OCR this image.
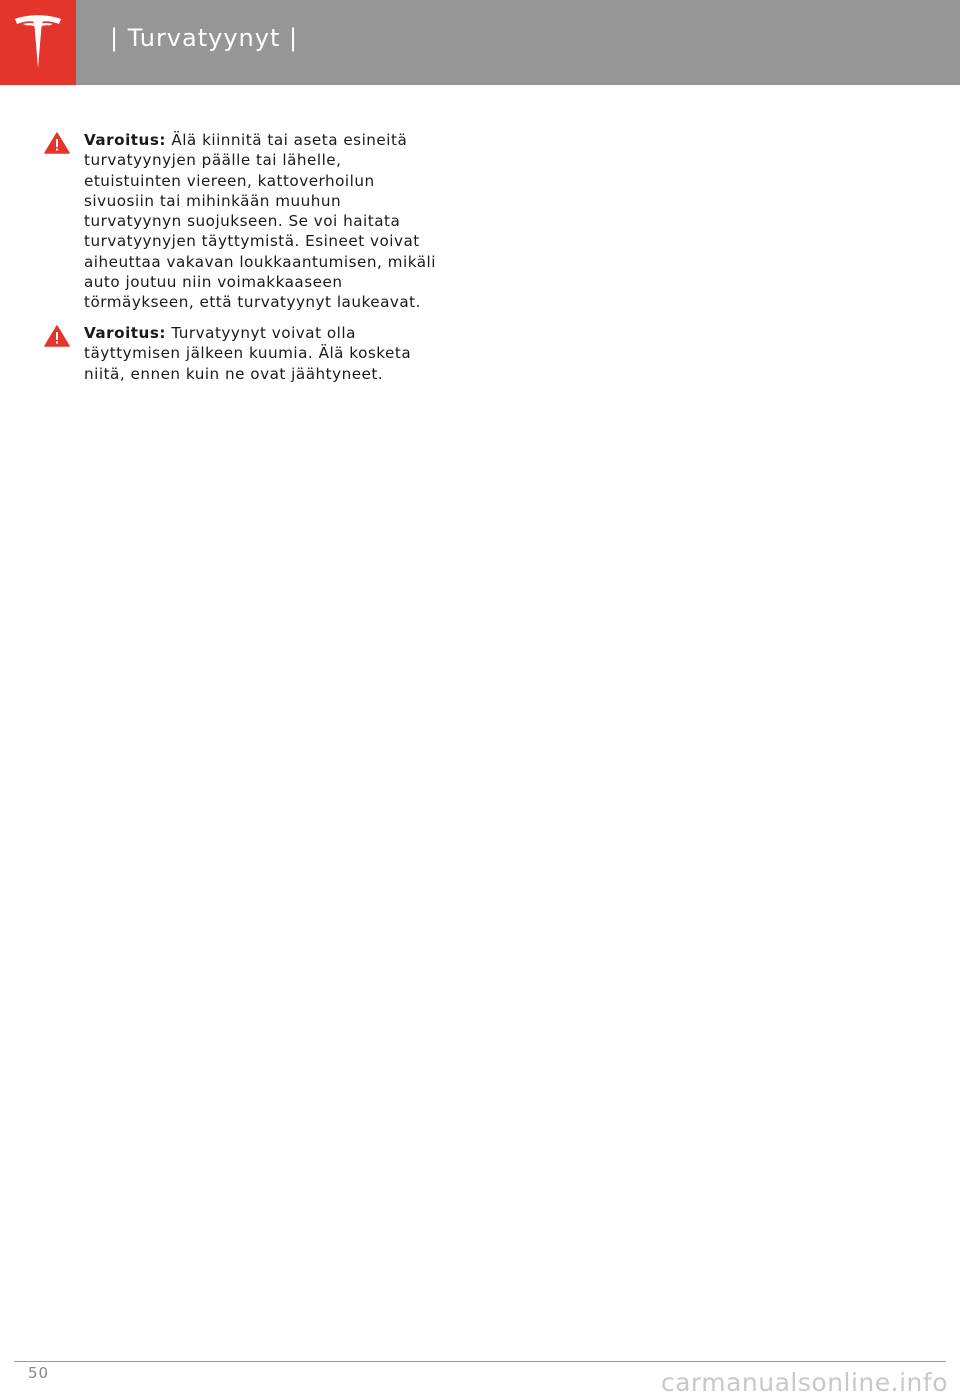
| Turvatyynyt |
Varoitus: Älä kiinnitä tai aseta esineitä turvatyynyjen päälle tai lähelle, etuistuinten viereen, kattoverhoilun sivuosiin tai mihinkään muuhun turvatyynyn suojukseen. Se voi haitata turvatyynyjen täyttymistä. Esineet voivat aiheuttaa vakavan loukkaantumisen, mikäli auto joutuu niin voimakkaaseen törmäykseen, että turvatyynyt laukeavat.
Varoitus: Turvatyynyt voivat olla täyttymisen jälkeen kuumia. Älä kosketa niitä, ennen kuin ne ovat jäähtyneet.
50	carmanualsonline.info
